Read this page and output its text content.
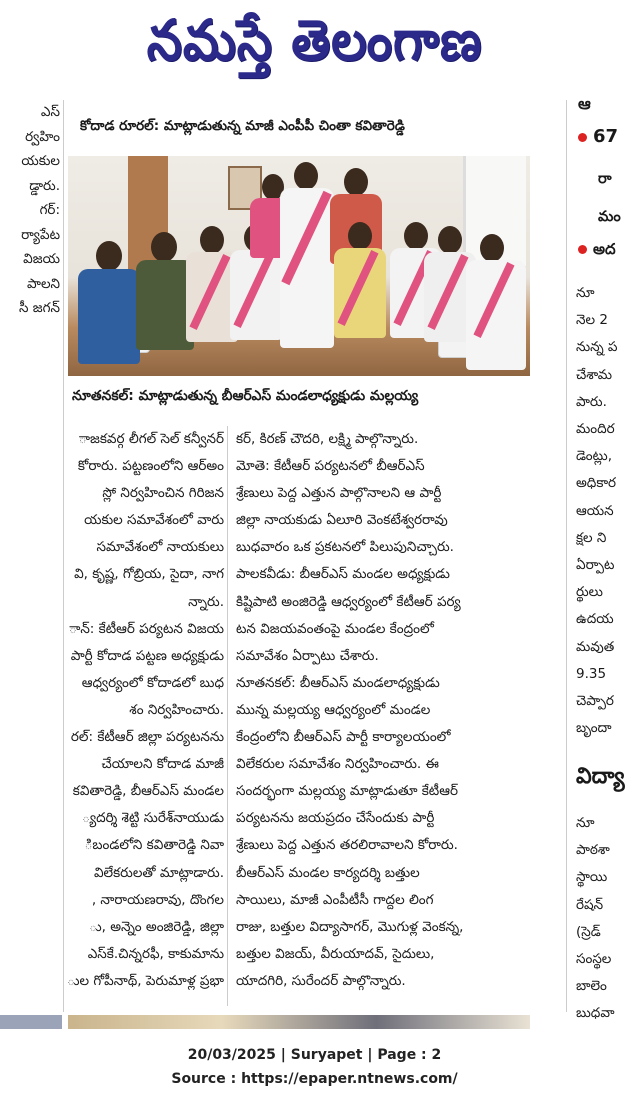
నమస్తే తెలంగాణ
ఎస్
ర్వహిం
యకుల
డ్డారు.
గర్:
ర్యాపేట
విజయ
పాలని
సీ జగన్
కోదాడ రూరల్: మాట్లాడుతున్న మాజీ ఎంపీపీ చింతా కవితారెడ్డి
నూతనకల్: మాట్లాడుతున్న బీఆర్ఎస్ మండలాధ్యక్షుడు మల్లయ్య
ాజకవర్గ లీగల్ సెల్ కన్వీనర్
కోరారు. పట్టణంలోని ఆర్అం
స్లో నిర్వహించిన గిరిజన
యకుల సమావేశంలో వారు
సమావేశంలో నాయకులు
వి, కృష్ణ, గోబ్రియ, సైదా, నాగ
న్నారు.
ాన్: కేటీఆర్ పర్యటన విజయ
పార్టీ కోదాడ పట్టణ అధ్యక్షుడు
ఆధ్వర్యంలో కోదాడలో బుధ
శం నిర్వహించారు.
రల్: కేటీఆర్ జిల్లా పర్యటనను
చేయాలని కోదాడ మాజీ
కవితారెడ్డి, బీఆర్ఎస్ మండల
్యదర్శి శెట్టి సురేశ్‌నాయుడు
ిబండలోని కవితారెడ్డి నివా
విలేకరులతో మాట్లాడారు.
, నారాయణరావు, దొంగల
ు, అన్నెం అంజిరెడ్డి, జిల్లా
ఎస్‌కే.చిన్నరఫీ, కాకుమాను
ుల గోపీనాథ్, పెరుమాళ్ల ప్రభా
కర్, కిరణ్ చౌదరి, లక్ష్మి పాల్గొన్నారు.
మోతె: కేటీఆర్ పర్యటనలో బీఆర్ఎస్
శ్రేణులు పెద్ద ఎత్తున పాల్గొనాలని ఆ పార్టీ
జిల్లా నాయకుడు ఏలూరి వెంకటేశ్వరరావు
బుధవారం ఒక ప్రకటనలో పిలుపునిచ్చారు.
పాలకవీడు: బీఆర్ఎస్ మండల అధ్యక్షుడు
కిష్టిపాటి అంజిరెడ్డి ఆధ్వర్యంలో కేటీఆర్ పర్య
టన విజయవంతంపై మండల కేంద్రంలో
సమావేశం ఏర్పాటు చేశారు.
నూతనకల్: బీఆర్ఎస్ మండలాధ్యక్షుడు
మున్న మల్లయ్య ఆధ్వర్యంలో మండల
కేంద్రంలోని బీఆర్ఎస్ పార్టీ కార్యాలయంలో
విలేకరుల సమావేశం నిర్వహించారు. ఈ
సందర్భంగా మల్లయ్య మాట్లాడుతూ కేటీఆర్
పర్యటనను జయప్రదం చేసేందుకు పార్టీ
శ్రేణులు పెద్ద ఎత్తున తరలిరావాలని కోరారు.
బీఆర్ఎస్ మండల కార్యదర్శి బత్తుల
సాయిలు, మాజీ ఎంపీటీసీ గాద్దల లింగ
రాజు, బత్తుల విద్యాసాగర్, మొగుళ్ల వెంకన్న,
బత్తుల విజయ్, వీరుయాదవ్, సైదులు,
యాదగిరి, సురేందర్ పాల్గొన్నారు.
ఆ
67
రా
మం
అద
నూ
నెల 2
నున్న ప
చేశామ
పారు.
మందిర
డెంట్లు,
అధికార
ఆయన
క్షల ని
ఏర్పాట
ర్థులు
ఉదయ
మవుత
9.35
చెప్పార
బృందా
విద్యా
నూ
పాఠశా
స్థాయి
రేషన్
(స్రెడ్
సంస్థల
బాలెం
బుధవా
20/03/2025 | Suryapet | Page : 2
Source : https://epaper.ntnews.com/
